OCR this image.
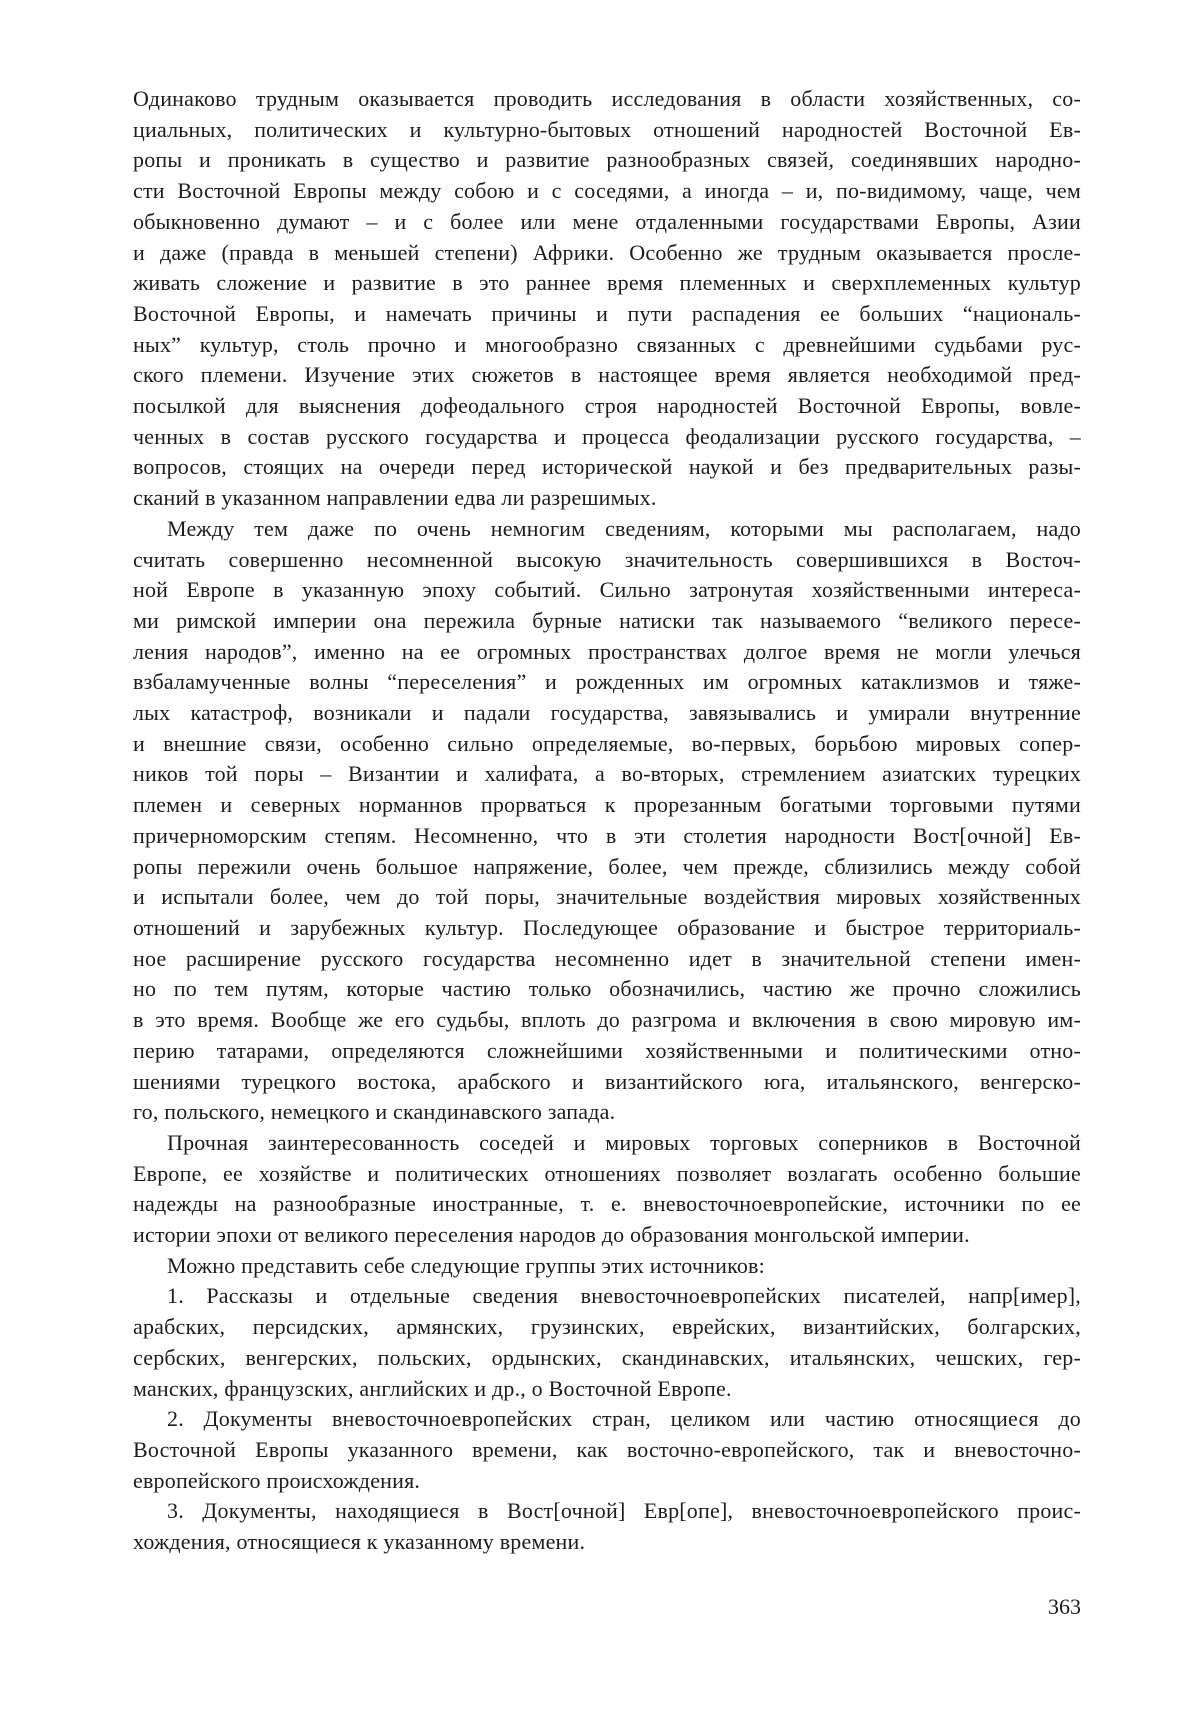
Одинаково трудным оказывается проводить исследования в области хозяйственных, со-
циальных, политических и культурно-бытовых отношений народностей Восточной Ев-
ропы и проникать в существо и развитие разнообразных связей, соединявших народно-
сти Восточной Европы между собою и с соседями, а иногда – и, по-видимому, чаще, чем
обыкновенно думают – и с более или мене отдаленными государствами Европы, Азии
и даже (правда в меньшей степени) Африки. Особенно же трудным оказывается просле-
живать сложение и развитие в это раннее время племенных и сверхплеменных культур
Восточной Европы, и намечать причины и пути распадения ее больших “националь-
ных” культур, столь прочно и многообразно связанных с древнейшими судьбами рус-
ского племени. Изучение этих сюжетов в настоящее время является необходимой пред-
посылкой для выяснения дофеодального строя народностей Восточной Европы, вовле-
ченных в состав русского государства и процесса феодализации русского государства, –
вопросов, стоящих на очереди перед исторической наукой и без предварительных разы-
сканий в указанном направлении едва ли разрешимых.
Между тем даже по очень немногим сведениям, которыми мы располагаем, надо
считать совершенно несомненной высокую значительность совершившихся в Восточ-
ной Европе в указанную эпоху событий. Сильно затронутая хозяйственными интереса-
ми римской империи она пережила бурные натиски так называемого “великого пересе-
ления народов”, именно на ее огромных пространствах долгое время не могли улечься
взбаламученные волны “переселения” и рожденных им огромных катаклизмов и тяже-
лых катастроф, возникали и падали государства, завязывались и умирали внутренние
и внешние связи, особенно сильно определяемые, во-первых, борьбою мировых сопер-
ников той поры – Византии и халифата, а во-вторых, стремлением азиатских турецких
племен и северных норманнов прорваться к прорезанным богатыми торговыми путями
причерноморским степям. Несомненно, что в эти столетия народности Вост[очной] Ев-
ропы пережили очень большое напряжение, более, чем прежде, сблизились между собой
и испытали более, чем до той поры, значительные воздействия мировых хозяйственных
отношений и зарубежных культур. Последующее образование и быстрое территориаль-
ное расширение русского государства несомненно идет в значительной степени имен-
но по тем путям, которые частию только обозначились, частию же прочно сложились
в это время. Вообще же его судьбы, вплоть до разгрома и включения в свою мировую им-
перию татарами, определяются сложнейшими хозяйственными и политическими отно-
шениями турецкого востока, арабского и византийского юга, итальянского, венгерско-
го, польского, немецкого и скандинавского запада.
Прочная заинтересованность соседей и мировых торговых соперников в Восточной
Европе, ее хозяйстве и политических отношениях позволяет возлагать особенно большие
надежды на разнообразные иностранные, т. е. вневосточноевропейские, источники по ее
истории эпохи от великого переселения народов до образования монгольской империи.
Можно представить себе следующие группы этих источников:
1. Рассказы и отдельные сведения вневосточноевропейских писателей, напр[имер],
арабских, персидских, армянских, грузинских, еврейских, византийских, болгарских,
сербских, венгерских, польских, ордынских, скандинавских, итальянских, чешских, гер-
манских, французских, английских и др., о Восточной Европе.
2. Документы вневосточноевропейских стран, целиком или частию относящиеся до
Восточной Европы указанного времени, как восточно-европейского, так и вневосточно-
европейского происхождения.
3. Документы, находящиеся в Вост[очной] Евр[опе], вневосточноевропейского проис-
хождения, относящиеся к указанному времени.
363
